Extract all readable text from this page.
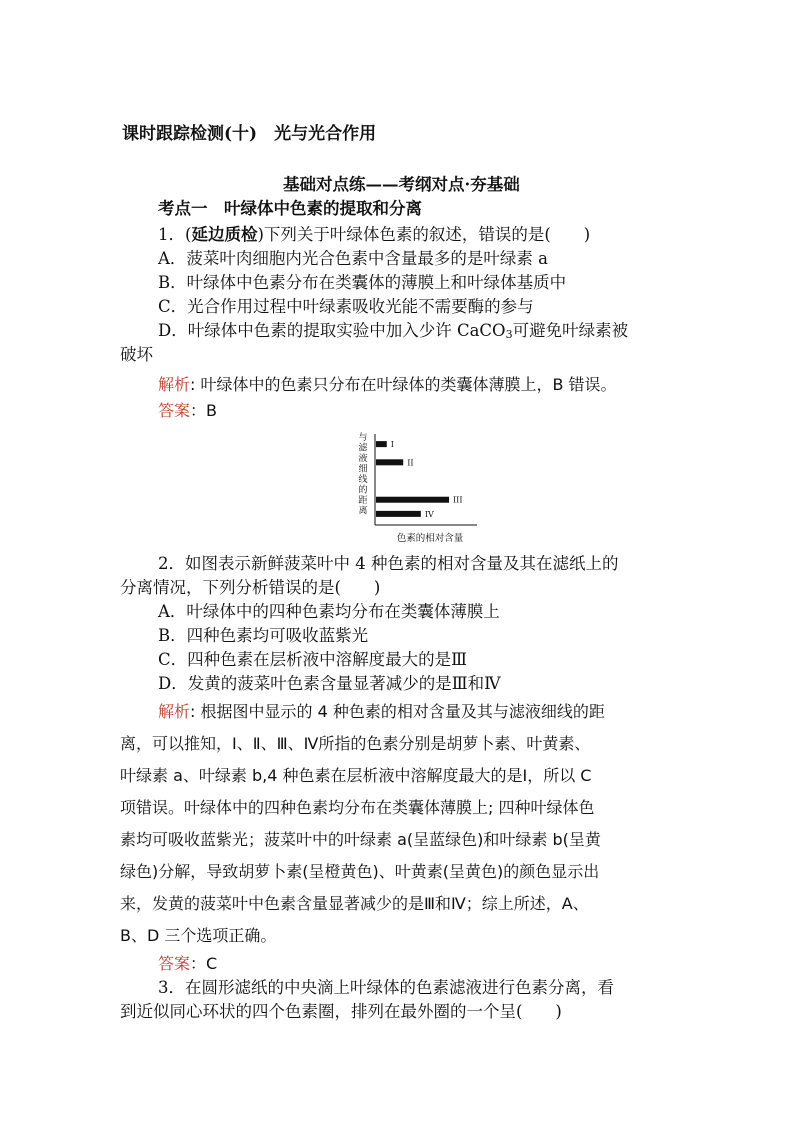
课时跟踪检测(十)　光与光合作用
基础对点练——考纲对点·夯基础
考点一　叶绿体中色素的提取和分离
1．(延边质检)下列关于叶绿体色素的叙述，错误的是(　　)
A．菠菜叶肉细胞内光合色素中含量最多的是叶绿素 a
B．叶绿体中色素分布在类囊体的薄膜上和叶绿体基质中
C．光合作用过程中叶绿素吸收光能不需要酶的参与
D．叶绿体中色素的提取实验中加入少许 CaCO$_3$可避免叶绿素被
破坏
解析: 叶绿体中的色素只分布在叶绿体的类囊体薄膜上，B 错误。
答案：B
与滤液细线的距离
色素的相对含量
I
II
III
IV
2．如图表示新鲜菠菜叶中 4 种色素的相对含量及其在滤纸上的
分离情况，下列分析错误的是(　　)
A．叶绿体中的四种色素均分布在类囊体薄膜上
B．四种色素均可吸收蓝紫光
C．四种色素在层析液中溶解度最大的是Ⅲ
D．发黄的菠菜叶色素含量显著减少的是Ⅲ和Ⅳ
解析: 根据图中显示的 4 种色素的相对含量及其与滤液细线的距
离，可以推知，Ⅰ、Ⅱ、Ⅲ、Ⅳ所指的色素分别是胡萝卜素、叶黄素、
叶绿素 a、叶绿素 b,4 种色素在层析液中溶解度最大的是Ⅰ，所以 C
项错误。叶绿体中的四种色素均分布在类囊体薄膜上; 四种叶绿体色
素均可吸收蓝紫光；菠菜叶中的叶绿素 a(呈蓝绿色)和叶绿素 b(呈黄
绿色)分解，导致胡萝卜素(呈橙黄色)、叶黄素(呈黄色)的颜色显示出
来，发黄的菠菜叶中色素含量显著减少的是Ⅲ和Ⅳ；综上所述，A、
B、D 三个选项正确。
答案：C
3．在圆形滤纸的中央滴上叶绿体的色素滤液进行色素分离，看
到近似同心环状的四个色素圈，排列在最外圈的一个呈(　　)
